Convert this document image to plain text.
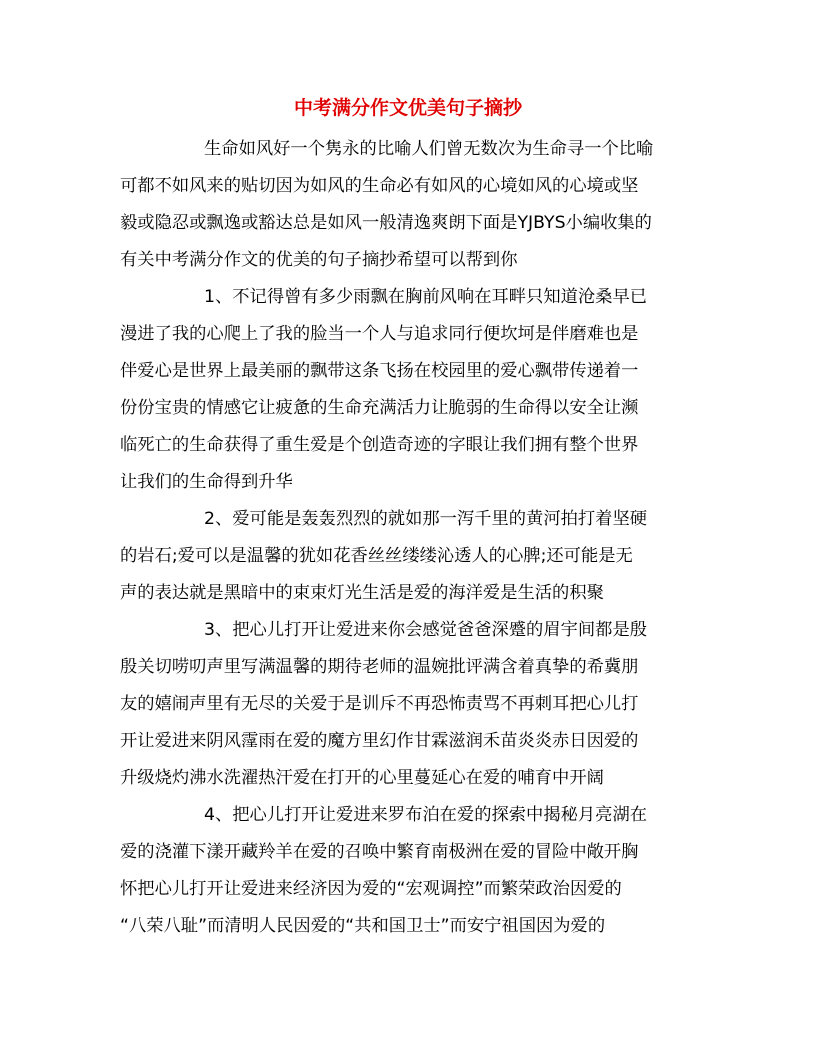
中考满分作文优美句子摘抄
生命如风好一个隽永的比喻人们曾无数次为生命寻一个比喻
可都不如风来的贴切因为如风的生命必有如风的心境如风的心境或坚
毅或隐忍或飘逸或豁达总是如风一般清逸爽朗下面是YJBYS小编收集的
有关中考满分作文的优美的句子摘抄希望可以帮到你
1、不记得曾有多少雨飘在胸前风响在耳畔只知道沧桑早已
漫进了我的心爬上了我的脸当一个人与追求同行便坎坷是伴磨难也是
伴爱心是世界上最美丽的飘带这条飞扬在校园里的爱心飘带传递着一
份份宝贵的情感它让疲惫的生命充满活力让脆弱的生命得以安全让濒
临死亡的生命获得了重生爱是个创造奇迹的字眼让我们拥有整个世界
让我们的生命得到升华
2、爱可能是轰轰烈烈的就如那一泻千里的黄河拍打着坚硬
的岩石;爱可以是温馨的犹如花香丝丝缕缕沁透人的心脾;还可能是无
声的表达就是黑暗中的束束灯光生活是爱的海洋爱是生活的积聚
3、把心儿打开让爱进来你会感觉爸爸深蹙的眉宇间都是殷
殷关切唠叨声里写满温馨的期待老师的温婉批评满含着真挚的希冀朋
友的嬉闹声里有无尽的关爱于是训斥不再恐怖责骂不再刺耳把心儿打
开让爱进来阴风霪雨在爱的魔方里幻作甘霖滋润禾苗炎炎赤日因爱的
升级烧灼沸水洗濯热汗爱在打开的心里蔓延心在爱的哺育中开阔
4、把心儿打开让爱进来罗布泊在爱的探索中揭秘月亮湖在
爱的浇灌下漾开藏羚羊在爱的召唤中繁育南极洲在爱的冒险中敞开胸
怀把心儿打开让爱进来经济因为爱的“宏观调控”而繁荣政治因爱的
“八荣八耻”而清明人民因爱的“共和国卫士”而安宁祖国因为爱的
